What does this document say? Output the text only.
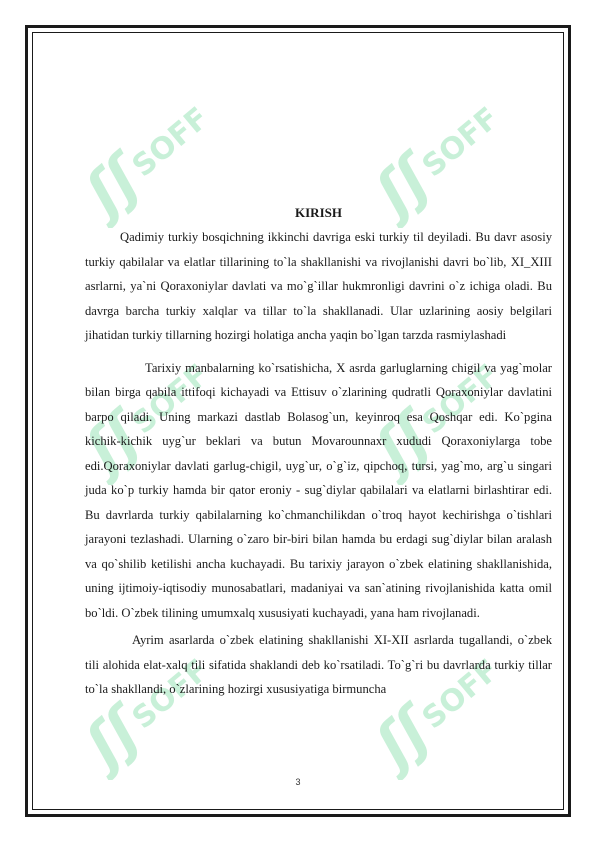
ʃʃ
SOFF
ʃʃ
SOFF
ʃʃ
SOFF
ʃʃ
SOFF
ʃʃ
SOFF
ʃʃ
SOFF
KIRISH

Qadimiy turkiy bosqichning ikkinchi davriga eski turkiy til deyiladi. Bu davr asosiy turkiy qabilalar va elatlar tillarining to`la shakllanishi va rivojlanishi davri bo`lib, XI_XIII asrlarni, ya`ni Qoraxoniylar davlati va mo`g`illar hukmronligi davrini o`z ichiga oladi. Bu davrga barcha turkiy xalqlar va tillar to`la shakllanadi. Ular uzlarining aosiy belgilari jihatidan turkiy tillarning hozirgi holatiga ancha yaqin bo`lgan tarzda rasmiylashadi

Tarixiy manbalarning ko`rsatishicha, X asrda garluglarning chigil va yag`molar bilan birga qabila ittifoqi kichayadi va Ettisuv o`zlarining qudratli Qoraxoniylar davlatini barpo qiladi. Uning markazi dastlab Bolasog`un, keyinroq esa Qoshqar edi. Ko`pgina kichik-kichik uyg`ur beklari va butun Movarounnaxr xududi Qoraxoniylarga tobe edi.Qoraxoniylar davlati garlug-chigil, uyg`ur, o`g`iz, qipchoq, tursi, yag`mo, arg`u singari juda ko`p turkiy hamda bir qator eroniy - sug`diylar qabilalari va elatlarni birlashtirar edi. Bu davrlarda turkiy qabilalarning ko`chmanchilikdan o`troq hayot kechirishga o`tishlari jarayoni tezlashadi. Ularning o`zaro bir-biri bilan hamda bu erdagi sug`diylar bilan aralash va qo`shilib ketilishi ancha kuchayadi. Bu tarixiy jarayon o`zbek elatining shakllanishida, uning ijtimoiy-iqtisodiy munosabatlari, madaniyai va san`atining rivojlanishida katta omil bo`ldi. O`zbek tilining umumxalq xususiyati kuchayadi, yana ham rivojlanadi.

Ayrim asarlarda o`zbek elatining shakllanishi XI-XII asrlarda tugallandi, o`zbek tili alohida elat-xalq tili sifatida shaklandi deb ko`rsatiladi. To`g`ri bu davrlarda turkiy tillar to`la shakllandi, o`zlarining hozirgi xususiyatiga birmuncha

3
